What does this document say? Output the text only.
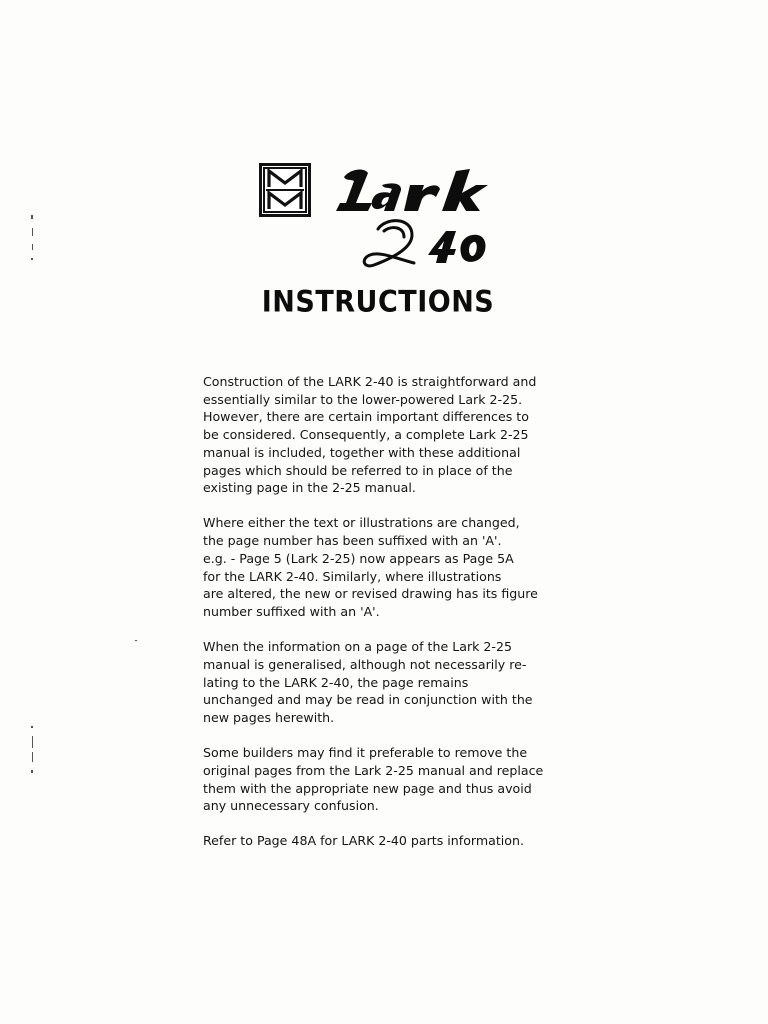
INSTRUCTIONS
Construction of the LARK 2-40 is straightforward and
essentially similar to the lower-powered Lark 2-25.
However, there are certain important differences to
be considered. Consequently, a complete Lark 2-25
manual is included, together with these additional
pages which should be referred to in place of the
existing page in the 2-25 manual.
Where either the text or illustrations are changed,
the page number has been suffixed with an 'A'.
e.g. - Page 5 (Lark 2-25) now appears as Page 5A
for the LARK 2-40. Similarly, where illustrations
are altered, the new or revised drawing has its figure
number suffixed with an 'A'.
When the information on a page of the Lark 2-25
manual is generalised, although not necessarily re-
lating to the LARK 2-40, the page remains
unchanged and may be read in conjunction with the
new pages herewith.
Some builders may find it preferable to remove the
original pages from the Lark 2-25 manual and replace
them with the appropriate new page and thus avoid
any unnecessary confusion.
Refer to Page 48A for LARK 2-40 parts information.
